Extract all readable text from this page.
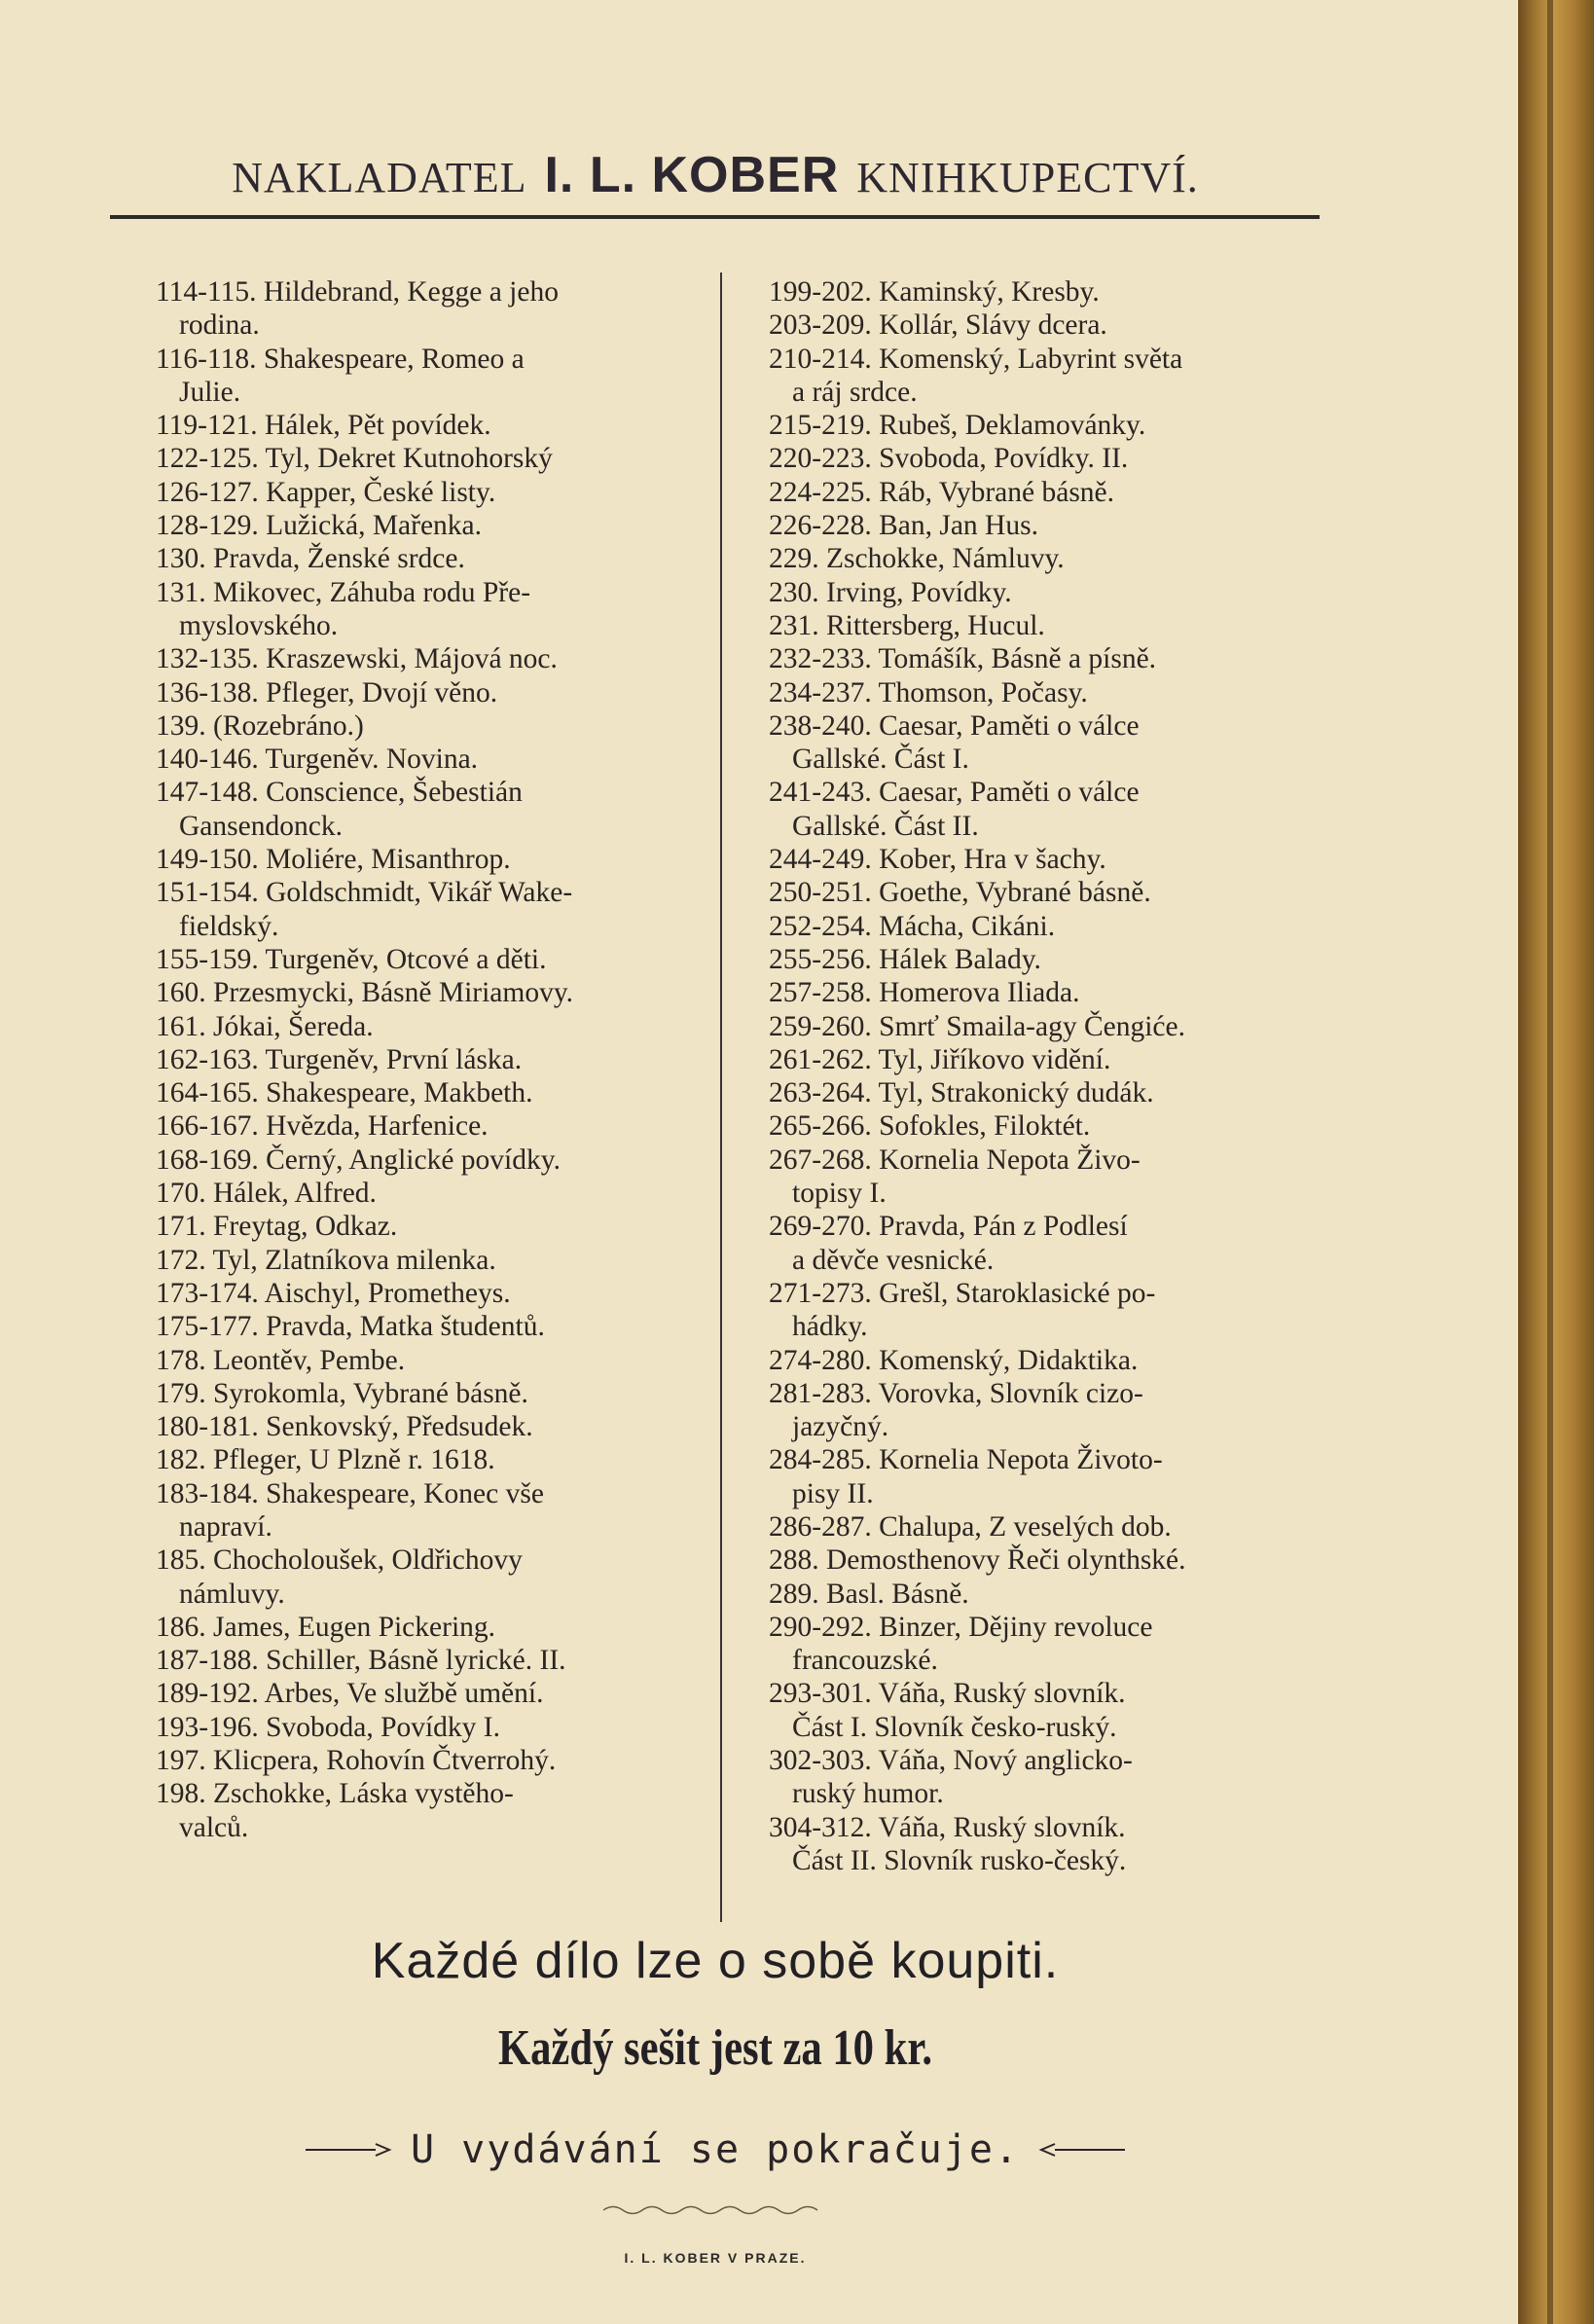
NAKLADATEL I. L. KOBER KNIHKUPECTVÍ.
114-115. Hildebrand, Kegge a jeho
rodina.
116-118. Shakespeare, Romeo a
Julie.
119-121. Hálek, Pět povídek.
122-125. Tyl, Dekret Kutnohorský
126-127. Kapper, České listy.
128-129. Lužická, Mařenka.
130. Pravda, Ženské srdce.
131. Mikovec, Záhuba rodu Pře-
myslovského.
132-135. Kraszewski, Májová noc.
136-138. Pfleger, Dvojí věno.
139. (Rozebráno.)
140-146. Turgeněv. Novina.
147-148. Conscience, Šebestián
Gansendonck.
149-150. Moliére, Misanthrop.
151-154. Goldschmidt, Vikář Wake-
fieldský.
155-159. Turgeněv, Otcové a děti.
160. Przesmycki, Básně Miriamovy.
161. Jókai, Šereda.
162-163. Turgeněv, První láska.
164-165. Shakespeare, Makbeth.
166-167. Hvězda, Harfenice.
168-169. Černý, Anglické povídky.
170. Hálek, Alfred.
171. Freytag, Odkaz.
172. Tyl, Zlatníkova milenka.
173-174. Aischyl, Prometheys.
175-177. Pravda, Matka študentů.
178. Leontěv, Pembe.
179. Syrokomla, Vybrané básně.
180-181. Senkovský, Předsudek.
182. Pfleger, U Plzně r. 1618.
183-184. Shakespeare, Konec vše
napraví.
185. Chocholoušek, Oldřichovy
námluvy.
186. James, Eugen Pickering.
187-188. Schiller, Básně lyrické. II.
189-192. Arbes, Ve službě umění.
193-196. Svoboda, Povídky I.
197. Klicpera, Rohovín Čtverrohý.
198. Zschokke, Láska vystěho-
valců.
199-202. Kaminský, Kresby.
203-209. Kollár, Slávy dcera.
210-214. Komenský, Labyrint světa
a ráj srdce.
215-219. Rubeš, Deklamovánky.
220-223. Svoboda, Povídky. II.
224-225. Ráb, Vybrané básně.
226-228. Ban, Jan Hus.
229. Zschokke, Námluvy.
230. Irving, Povídky.
231. Rittersberg, Hucul.
232-233. Tomášík, Básně a písně.
234-237. Thomson, Počasy.
238-240. Caesar, Paměti o válce
Gallské. Část I.
241-243. Caesar, Paměti o válce
Gallské. Část II.
244-249. Kober, Hra v šachy.
250-251. Goethe, Vybrané básně.
252-254. Mácha, Cikáni.
255-256. Hálek Balady.
257-258. Homerova Iliada.
259-260. Smrť Smaila-agy Čengiće.
261-262. Tyl, Jiříkovo vidění.
263-264. Tyl, Strakonický dudák.
265-266. Sofokles, Filoktét.
267-268. Kornelia Nepota Živo-
topisy I.
269-270. Pravda, Pán z Podlesí
a děvče vesnické.
271-273. Grešl, Staroklasické po-
hádky.
274-280. Komenský, Didaktika.
281-283. Vorovka, Slovník cizo-
jazyčný.
284-285. Kornelia Nepota Životo-
pisy II.
286-287. Chalupa, Z veselých dob.
288. Demosthenovy Řeči olynthské.
289. Basl. Básně.
290-292. Binzer, Dějiny revoluce
francouzské.
293-301. Váňa, Ruský slovník.
Část I. Slovník česko-ruský.
302-303. Váňa, Nový anglicko-
ruský humor.
304-312. Váňa, Ruský slovník.
Část II. Slovník rusko-český.
Každé dílo lze o sobě koupiti.
Každý sešit jest za 10 kr.
U vydávání se pokračuje.
I. L. KOBER V PRAZE.
